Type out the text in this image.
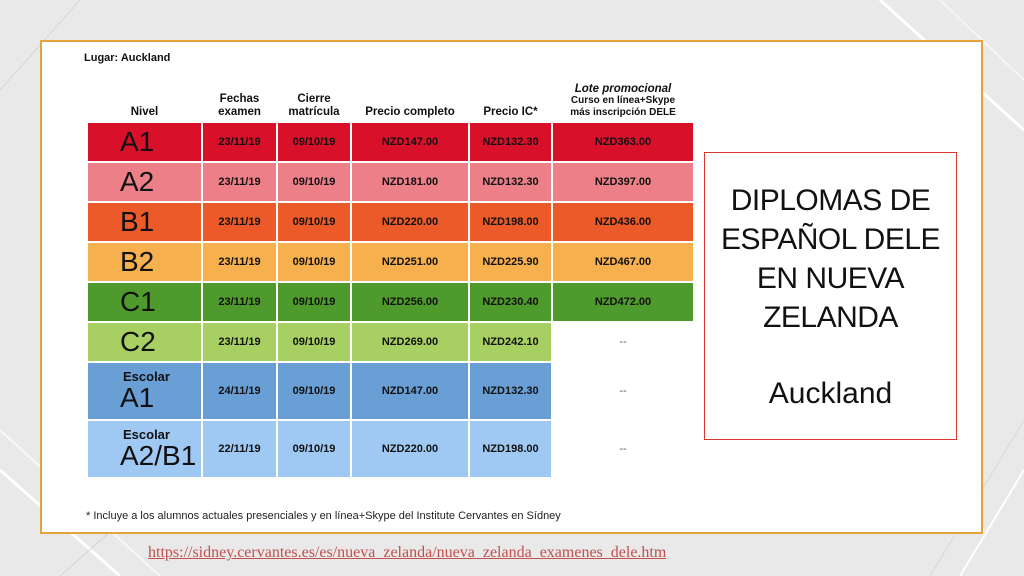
Lugar: Auckland
Nivel	Fechas examen	Cierre matrícula	Precio completo	Precio IC*	Lote promocional
Curso en línea+Skype
más inscripción DELE

A1	23/11/19	09/10/19	NZD147.00	NZD132.30	NZD363.00

A2	23/11/19	09/10/19	NZD181.00	NZD132.30	NZD397.00

B1	23/11/19	09/10/19	NZD220.00	NZD198.00	NZD436.00

B2	23/11/19	09/10/19	NZD251.00	NZD225.90	NZD467.00

C1	23/11/19	09/10/19	NZD256.00	NZD230.40	NZD472.00

C2	23/11/19	09/10/19	NZD269.00	NZD242.10	--

Escolar
A1	24/11/19	09/10/19	NZD147.00	NZD132.30	--

Escolar
A2/B1	22/11/19	09/10/19	NZD220.00	NZD198.00	--
* Incluye a los alumnos actuales presenciales y en línea+Skype del Institute Cervantes en Sídney
DIPLOMAS DE
ESPAÑOL DELE
EN NUEVA
ZELANDA
Auckland
https://sidney.cervantes.es/es/nueva_zelanda/nueva_zelanda_examenes_dele.htm
